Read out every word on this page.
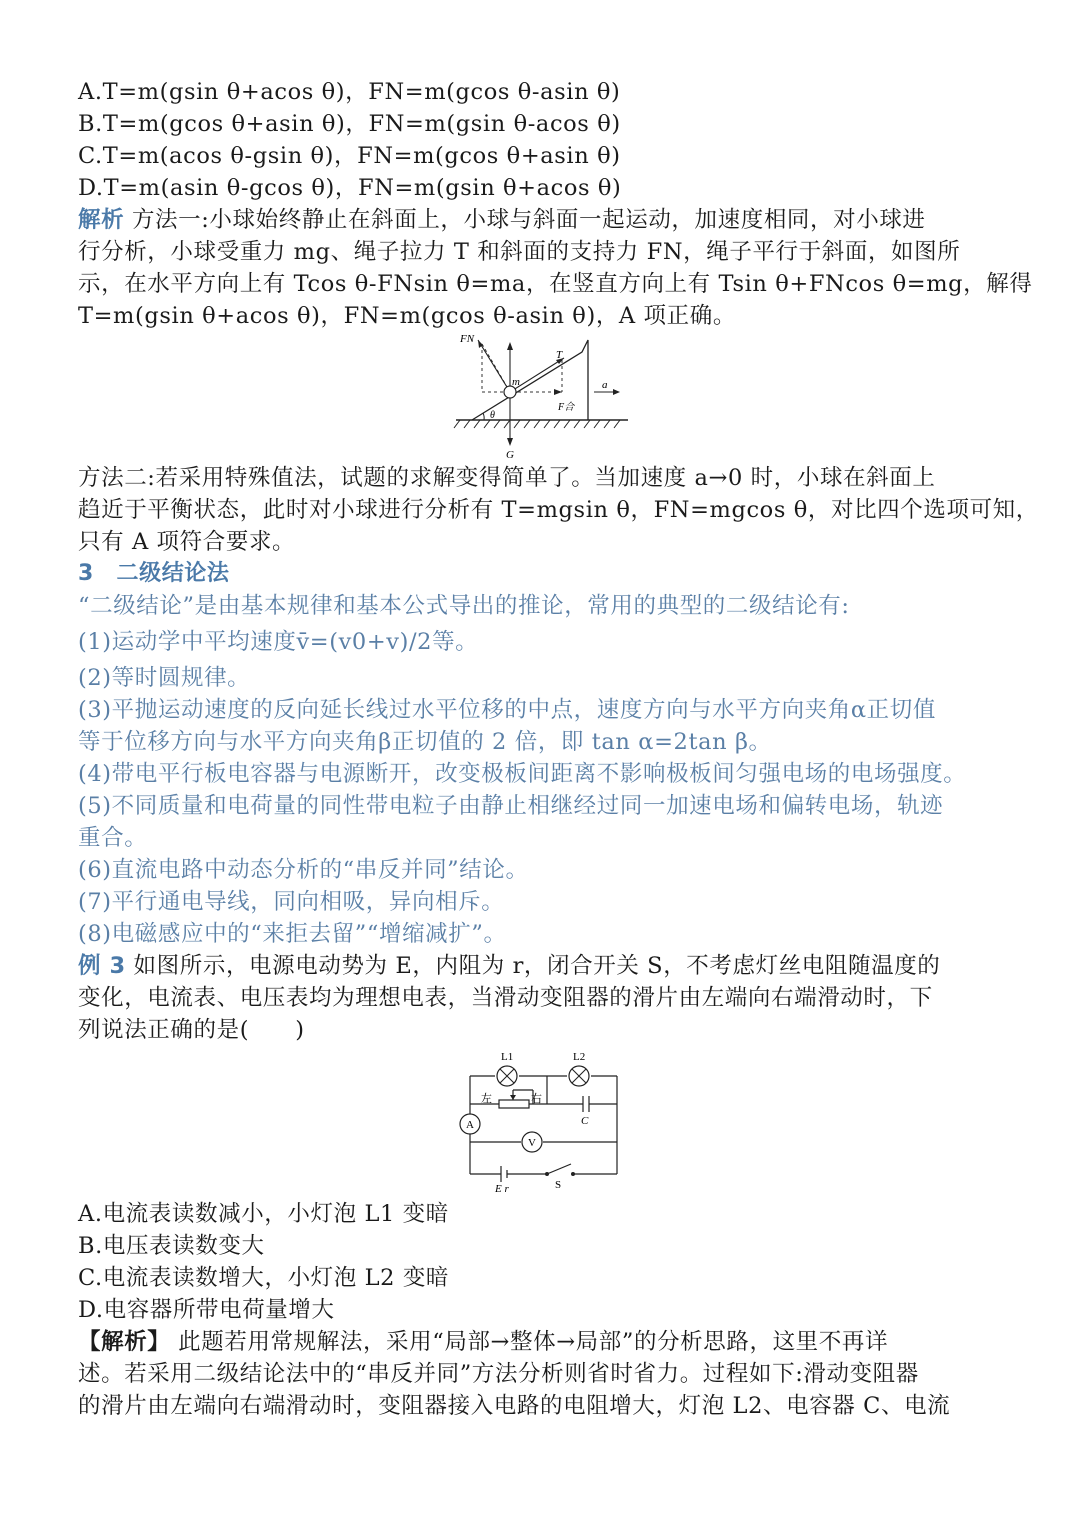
A.T=m(gsin θ+acos θ)，FN=m(gcos θ-asin θ)
B.T=m(gcos θ+asin θ)，FN=m(gsin θ-acos θ)
C.T=m(acos θ-gsin θ)，FN=m(gcos θ+asin θ)
D.T=m(asin θ-gcos θ)，FN=m(gsin θ+acos θ)
解析 方法一:小球始终静止在斜面上，小球与斜面一起运动，加速度相同，对小球进
行分析，小球受重力 mg、绳子拉力 T 和斜面的支持力 FN，绳子平行于斜面，如图所
示，在水平方向上有 Tcos θ-FNsin θ=ma，在竖直方向上有 Tsin θ+FNcos θ=mg，解得
T=m(gsin θ+acos θ)，FN=m(gcos θ-asin θ)，A 项正确。
FN
T
m	a
F合
θ
G
方法二:若采用特殊值法，试题的求解变得简单了。当加速度 a→0 时，小球在斜面上
趋近于平衡状态，此时对小球进行分析有 T=mgsin θ，FN=mgcos θ，对比四个选项可知，
只有 A 项符合要求。
3　二级结论法
“二级结论”是由基本规律和基本公式导出的推论，常用的典型的二级结论有:
(1)运动学中平均速度v̄=(v0+v)/2等。
(2)等时圆规律。
(3)平抛运动速度的反向延长线过水平位移的中点，速度方向与水平方向夹角α正切值
等于位移方向与水平方向夹角β正切值的 2 倍，即 tan α=2tan β。
(4)带电平行板电容器与电源断开，改变极板间距离不影响极板间匀强电场的电场强度。
(5)不同质量和电荷量的同性带电粒子由静止相继经过同一加速电场和偏转电场，轨迹
重合。
(6)直流电路中动态分析的“串反并同”结论。
(7)平行通电导线，同向相吸，异向相斥。
(8)电磁感应中的“来拒去留”“增缩减扩”。
例 3 如图所示，电源电动势为 E，内阻为 r，闭合开关 S，不考虑灯丝电阻随温度的
变化，电流表、电压表均为理想电表，当滑动变阻器的滑片由左端向右端滑动时，下
列说法正确的是(　　)
L1	L2
左	右
C
A
V
E r	S
A.电流表读数减小，小灯泡 L1 变暗
B.电压表读数变大
C.电流表读数增大，小灯泡 L2 变暗
D.电容器所带电荷量增大
【解析】 此题若用常规解法，采用“局部→整体→局部”的分析思路，这里不再详
述。若采用二级结论法中的“串反并同”方法分析则省时省力。过程如下:滑动变阻器
的滑片由左端向右端滑动时，变阻器接入电路的电阻增大，灯泡 L2、电容器 C、电流
